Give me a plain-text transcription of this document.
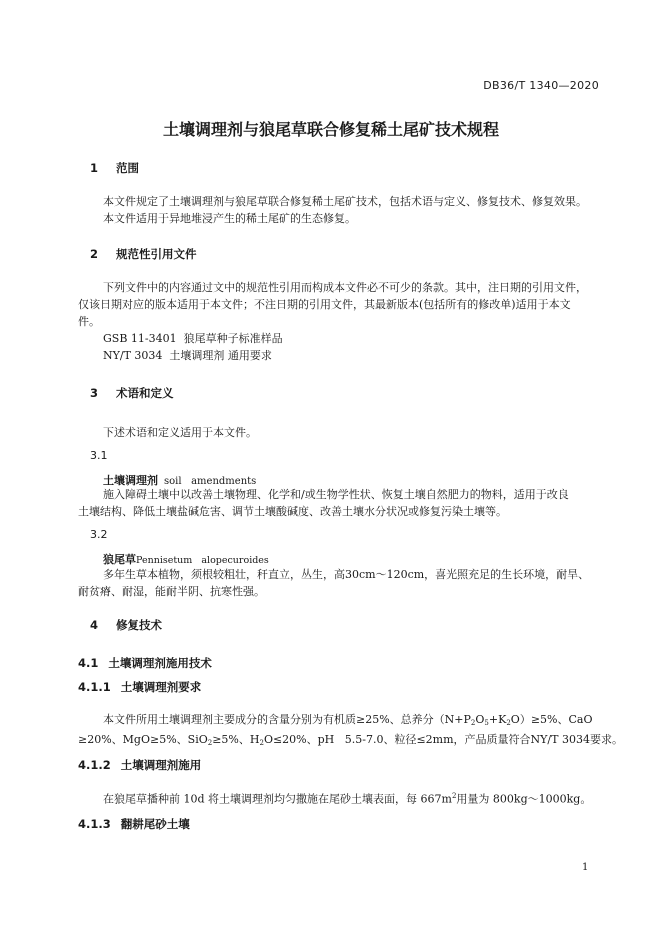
DB36/T 1340—2020
土壤调理剂与狼尾草联合修复稀土尾矿技术规程
1 范围
本文件规定了土壤调理剂与狼尾草联合修复稀土尾矿技术，包括术语与定义、修复技术、修复效果。
本文件适用于异地堆浸产生的稀土尾矿的生态修复。
2 规范性引用文件
下列文件中的内容通过文中的规范性引用而构成本文件必不可少的条款。其中，注日期的引用文件，
仅该日期对应的版本适用于本文件；不注日期的引用文件，其最新版本(包括所有的修改单)适用于本文
件。
GSB 11-3401  狼尾草种子标准样品
NY/T 3034  土壤调理剂 通用要求
3 术语和定义
下述术语和定义适用于本文件。
3.1
土壤调理剂 soil   amendments
施入障碍土壤中以改善土壤物理、化学和/或生物学性状、恢复土壤自然肥力的物料，适用于改良
土壤结构、降低土壤盐碱危害、调节土壤酸碱度、改善土壤水分状况或修复污染土壤等。
3.2
狼尾草Pennisetum   alopecuroides
多年生草本植物，须根较粗壮，秆直立，丛生，高30cm～120cm，喜光照充足的生长环境，耐旱、
耐贫瘠、耐湿，能耐半阴、抗寒性强。
4 修复技术
4.1 土壤调理剂施用技术
4.1.1 土壤调理剂要求
本文件所用土壤调理剂主要成分的含量分别为有机质≥25%、总养分$(N+P_2O_5+K_2O)\ge 5\%$、CaO
≥20%、MgO≥5%、SiO$_2$≥5%、$H_2O\le 20\%$、pH   5.5-7.0、粒径≤2mm，产品质量符合NY/T 3034要求。
4.1.2 土壤调理剂施用
在狼尾草播种前 10d 将土壤调理剂均匀撒施在尾砂土壤表面，每 $667m^2$用量为 800kg～1000kg。
4.1.3 翻耕尾砂土壤
1
